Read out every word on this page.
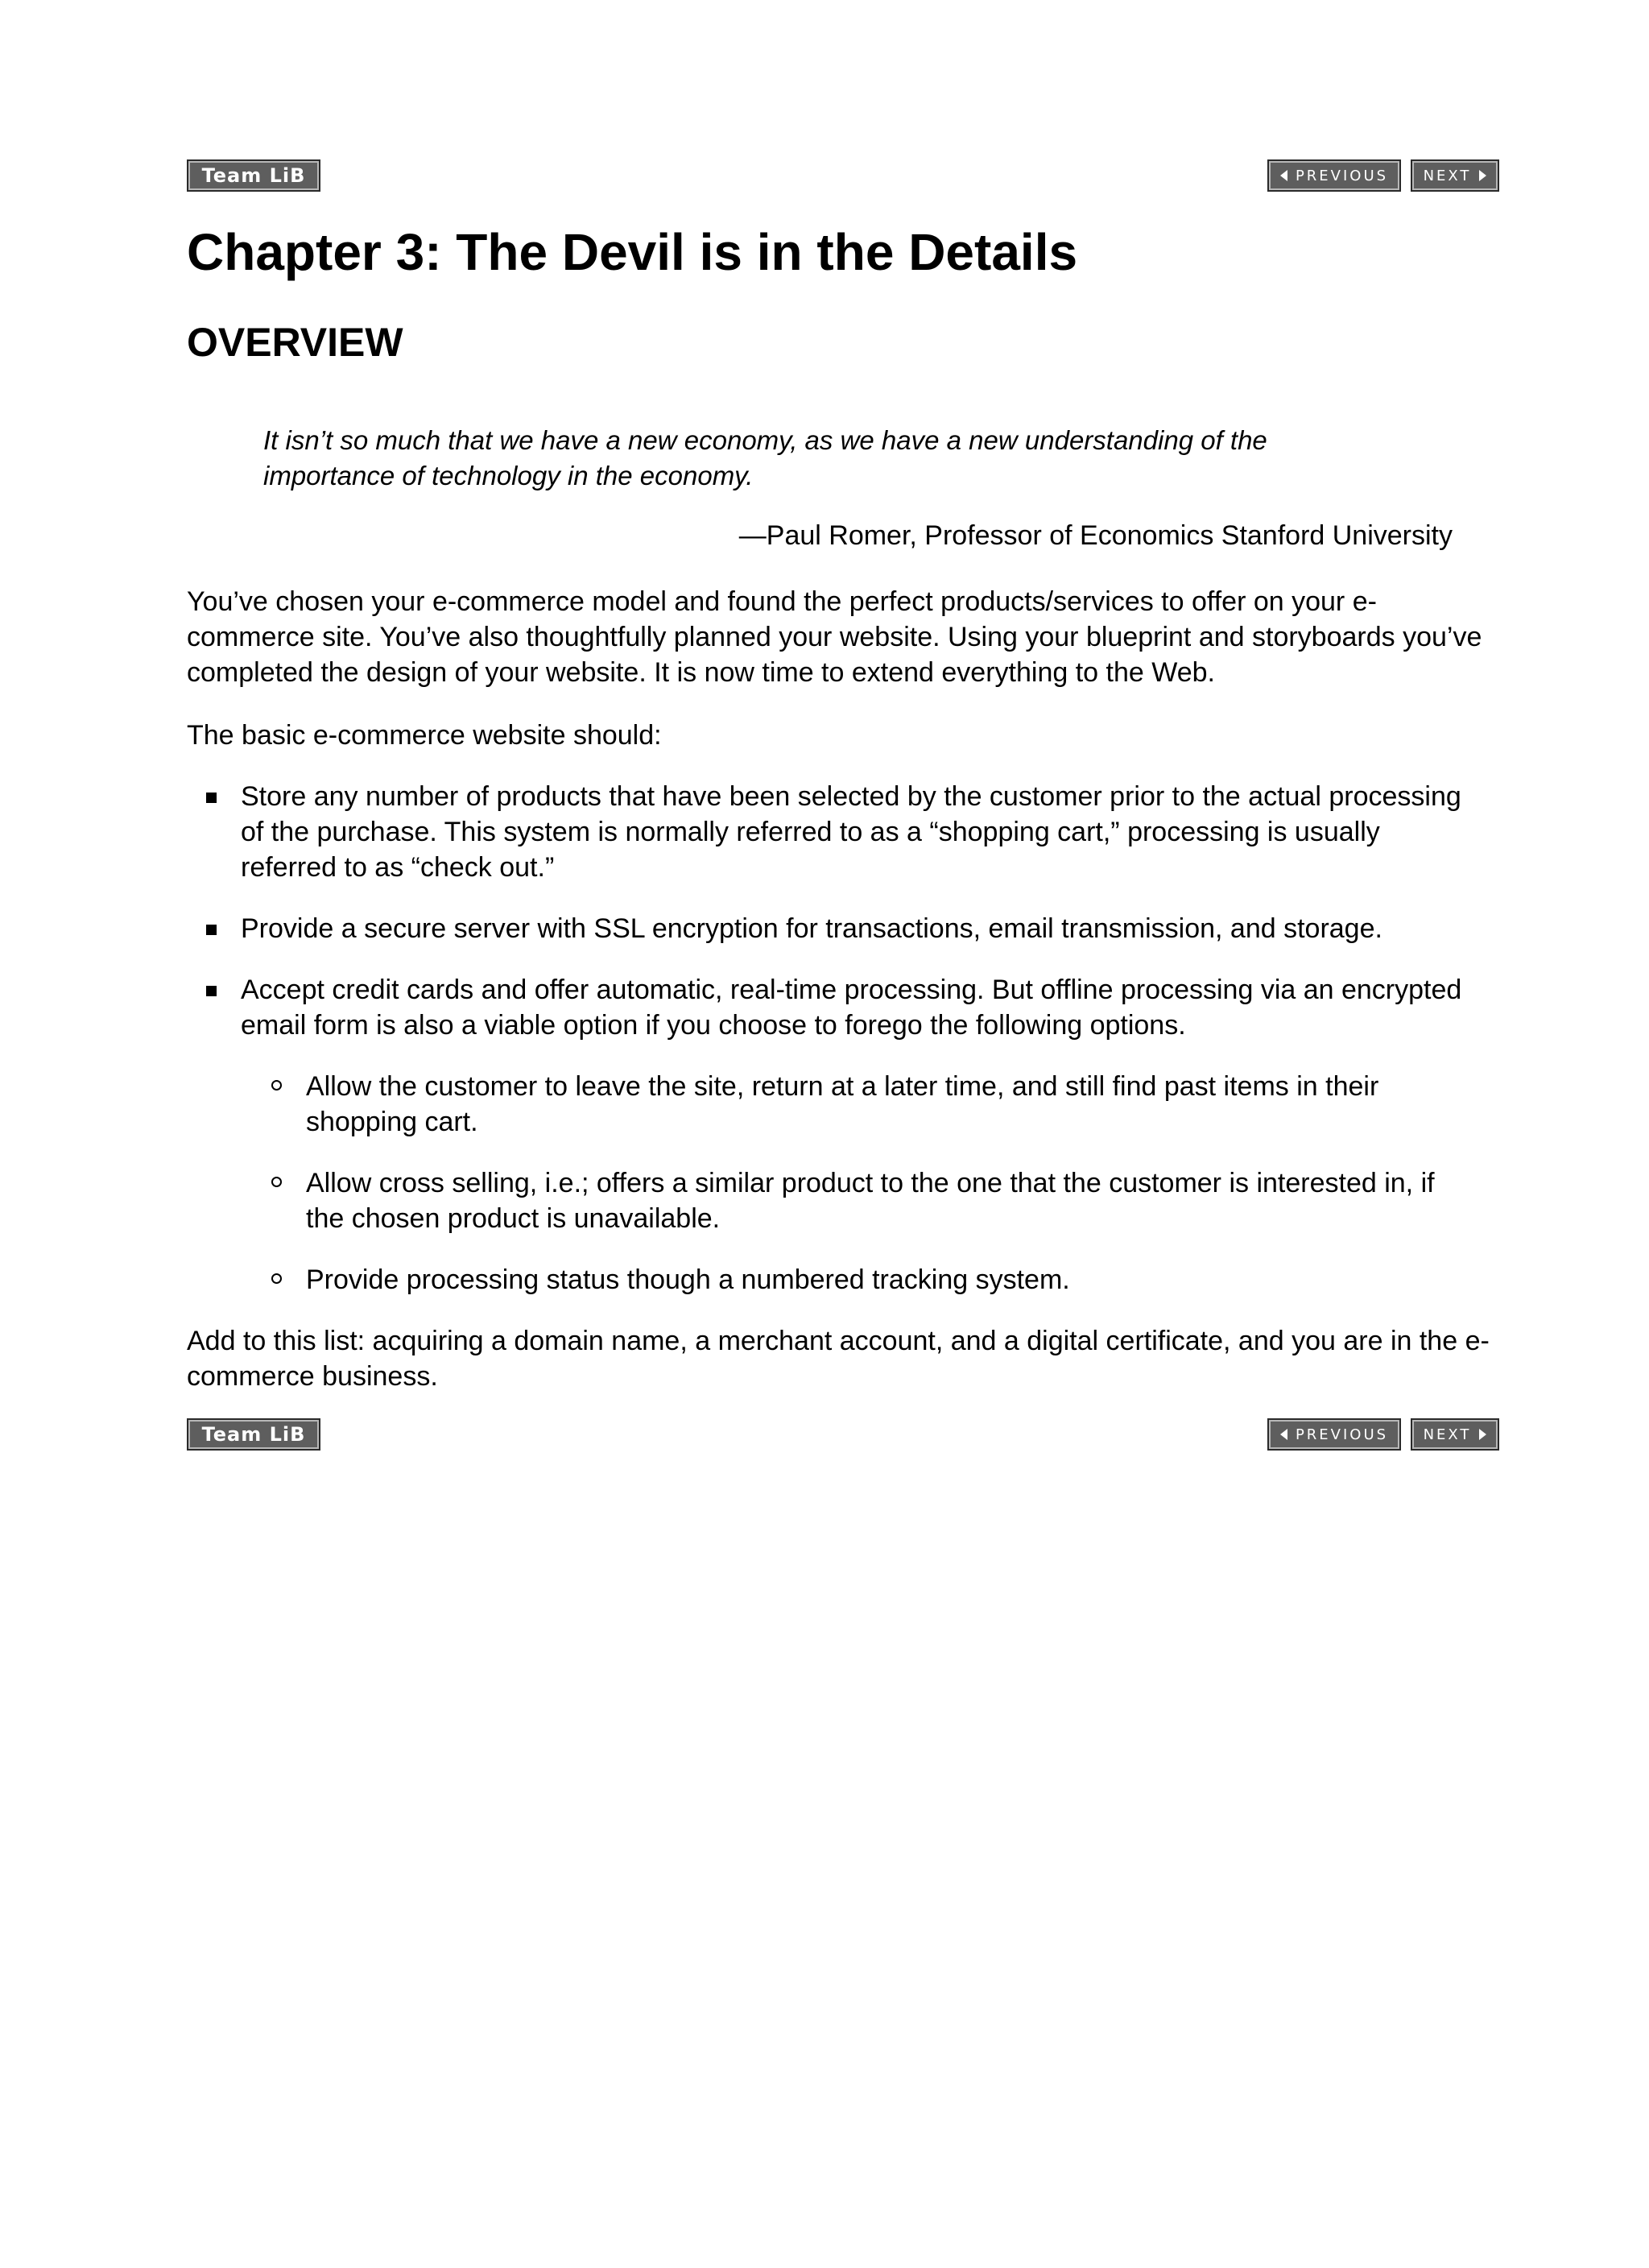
Team LiB	PREVIOUS NEXT
Chapter 3: The Devil is in the Details
OVERVIEW
It isn’t so much that we have a new economy, as we have a new understanding of the importance of technology in the economy.
—Paul Romer, Professor of Economics Stanford University

You’ve chosen your e-commerce model and found the perfect products/services to offer on your e-commerce site. You’ve also thoughtfully planned your website. Using your blueprint and storyboards you’ve completed the design of your website. It is now time to extend everything to the Web.

The basic e-commerce website should:

Store any number of products that have been selected by the customer prior to the actual processing of the purchase. This system is normally referred to as a “shopping cart,” processing is usually referred to as “check out.”
Provide a secure server with SSL encryption for transactions, email transmission, and storage.
Accept credit cards and offer automatic, real-time processing. But offline processing via an encrypted email form is also a viable option if you choose to forego the following options.
Allow the customer to leave the site, return at a later time, and still find past items in their shopping cart.
Allow cross selling, i.e.; offers a similar product to the one that the customer is interested in, if the chosen product is unavailable.
Provide processing status though a numbered tracking system.

Add to this list: acquiring a domain name, a merchant account, and a digital certificate, and you are in the e-commerce business.

Team LiB	PREVIOUS NEXT
